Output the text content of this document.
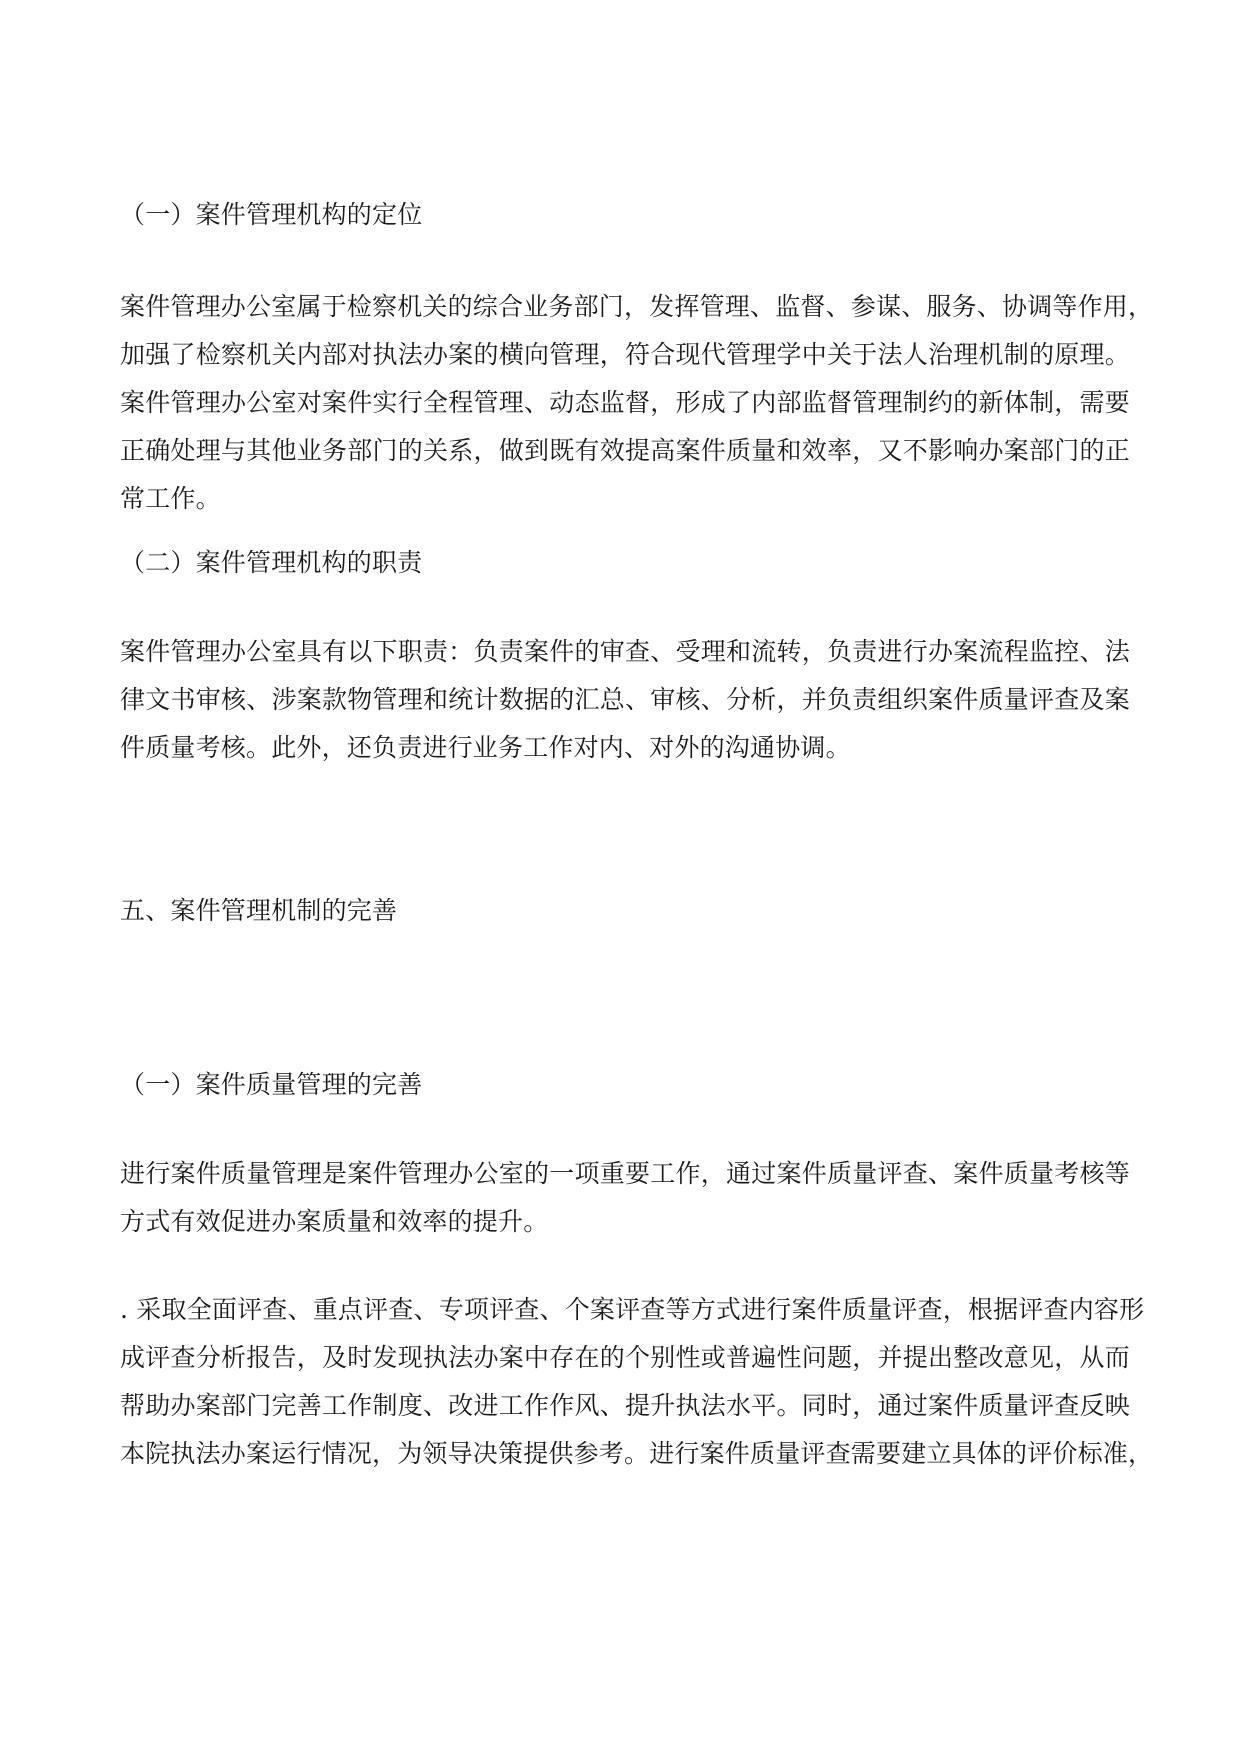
（一）案件管理机构的定位
案件管理办公室属于检察机关的综合业务部门，发挥管理、监督、参谋、服务、协调等作用，
加强了检察机关内部对执法办案的横向管理，符合现代管理学中关于法人治理机制的原理。
案件管理办公室对案件实行全程管理、动态监督，形成了内部监督管理制约的新体制，需要
正确处理与其他业务部门的关系，做到既有效提高案件质量和效率，又不影响办案部门的正
常工作。
（二）案件管理机构的职责
案件管理办公室具有以下职责：负责案件的审查、受理和流转，负责进行办案流程监控、法
律文书审核、涉案款物管理和统计数据的汇总、审核、分析，并负责组织案件质量评查及案
件质量考核。此外，还负责进行业务工作对内、对外的沟通协调。
五、案件管理机制的完善
（一）案件质量管理的完善
进行案件质量管理是案件管理办公室的一项重要工作，通过案件质量评查、案件质量考核等
方式有效促进办案质量和效率的提升。
. 采取全面评查、重点评查、专项评查、个案评查等方式进行案件质量评查，根据评查内容形
成评查分析报告，及时发现执法办案中存在的个别性或普遍性问题，并提出整改意见，从而
帮助办案部门完善工作制度、改进工作作风、提升执法水平。同时，通过案件质量评查反映
本院执法办案运行情况，为领导决策提供参考。进行案件质量评查需要建立具体的评价标准，
